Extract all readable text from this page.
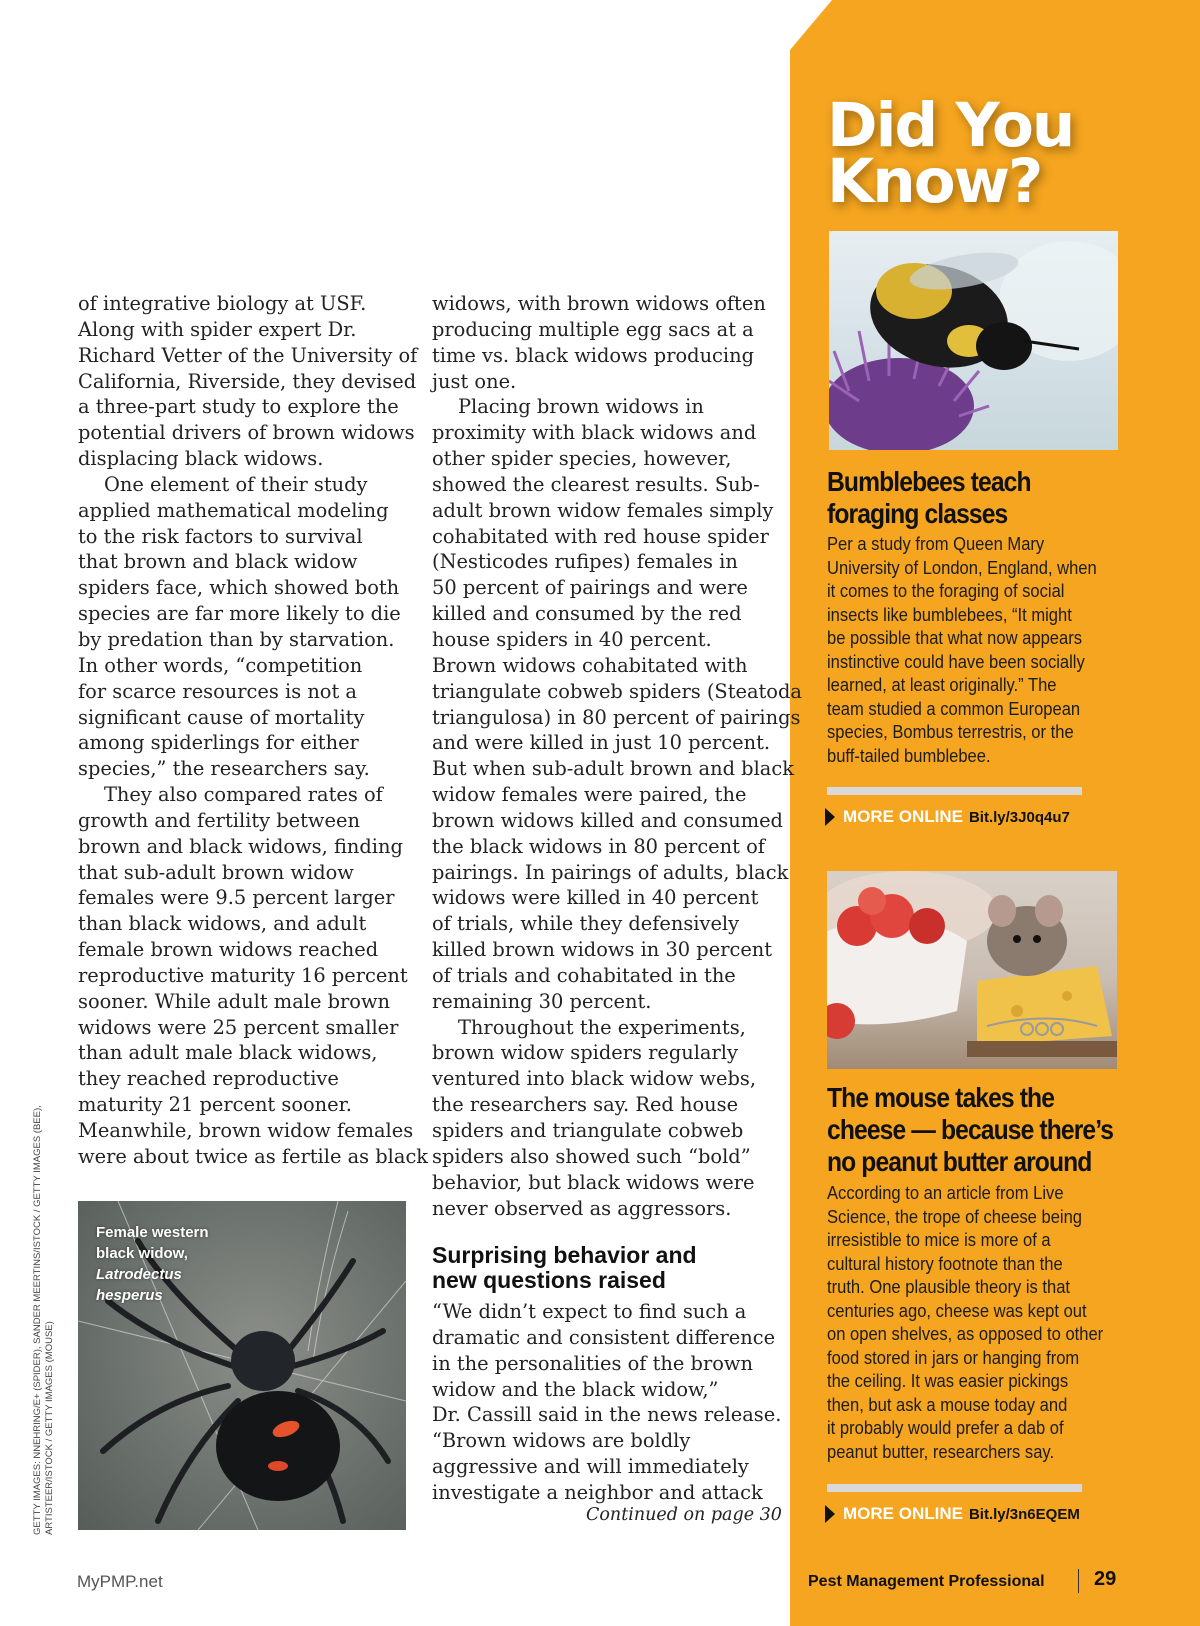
Did You Know?
Bumblebees teach
foraging classes

Per a study from Queen Mary

University of London, England, when

it comes to the foraging of social

insects like bumblebees, “It might

be possible that what now appears

instinctive could have been socially

learned, at least originally.” The

team studied a common European

species, Bombus terrestris, or the

buff-tailed bumblebee.

MORE ONLINE Bit.ly/3J0q4u7
The mouse takes the
cheese — because there’s
no peanut butter around

According to an article from Live

Science, the trope of cheese being

irresistible to mice is more of a

cultural history footnote than the

truth. One plausible theory is that

centuries ago, cheese was kept out

on open shelves, as opposed to other

food stored in jars or hanging from

the ceiling. It was easier pickings

then, but ask a mouse today and

it probably would prefer a dab of

peanut butter, researchers say.

MORE ONLINE Bit.ly/3n6EQEM

of integrative biology at USF.

Along with spider expert Dr.

Richard Vetter of the University of

California, Riverside, they devised

a three-part study to explore the

potential drivers of brown widows

displacing black widows.

One element of their study

applied mathematical modeling

to the risk factors to survival

that brown and black widow

spiders face, which showed both

species are far more likely to die

by predation than by starvation.

In other words, “competition

for scarce resources is not a

significant cause of mortality

among spiderlings for either

species,” the researchers say.

They also compared rates of

growth and fertility between

brown and black widows, finding

that sub-adult brown widow

females were 9.5 percent larger

than black widows, and adult

female brown widows reached

reproductive maturity 16 percent

sooner. While adult male brown

widows were 25 percent smaller

than adult male black widows,

they reached reproductive

maturity 21 percent sooner.

Meanwhile, brown widow females

were about twice as fertile as black

widows, with brown widows often

producing multiple egg sacs at a

time vs. black widows producing

just one.

Placing brown widows in

proximity with black widows and

other spider species, however,

showed the clearest results. Sub-

adult brown widow females simply

cohabitated with red house spider

(Nesticodes rufipes) females in

50 percent of pairings and were

killed and consumed by the red

house spiders in 40 percent.

Brown widows cohabitated with

triangulate cobweb spiders (Steatoda

triangulosa) in 80 percent of pairings

and were killed in just 10 percent.

But when sub-adult brown and black

widow females were paired, the

brown widows killed and consumed

the black widows in 80 percent of

pairings. In pairings of adults, black

widows were killed in 40 percent

of trials, while they defensively

killed brown widows in 30 percent

of trials and cohabitated in the

remaining 30 percent.

Throughout the experiments,

brown widow spiders regularly

ventured into black widow webs,

the researchers say. Red house

spiders and triangulate cobweb

spiders also showed such “bold”

behavior, but black widows were

never observed as aggressors.

Surprising behavior and
new questions raised

“We didn’t expect to find such a

dramatic and consistent difference

in the personalities of the brown

widow and the black widow,”

Dr. Cassill said in the news release.

“Brown widows are boldly

aggressive and will immediately

investigate a neighbor and attack

Continued on page 30
Female western
black widow,
Latrodectus
hesperus
GETTY IMAGES: NNEHRING/E+ (SPIDER), SANDER MEERTINS/ISTOCK / GETTY IMAGES (BEE), ARTISTEER/ISTOCK / GETTY IMAGES (MOUSE)
MyPMP.net	Pest Management Professional 29
